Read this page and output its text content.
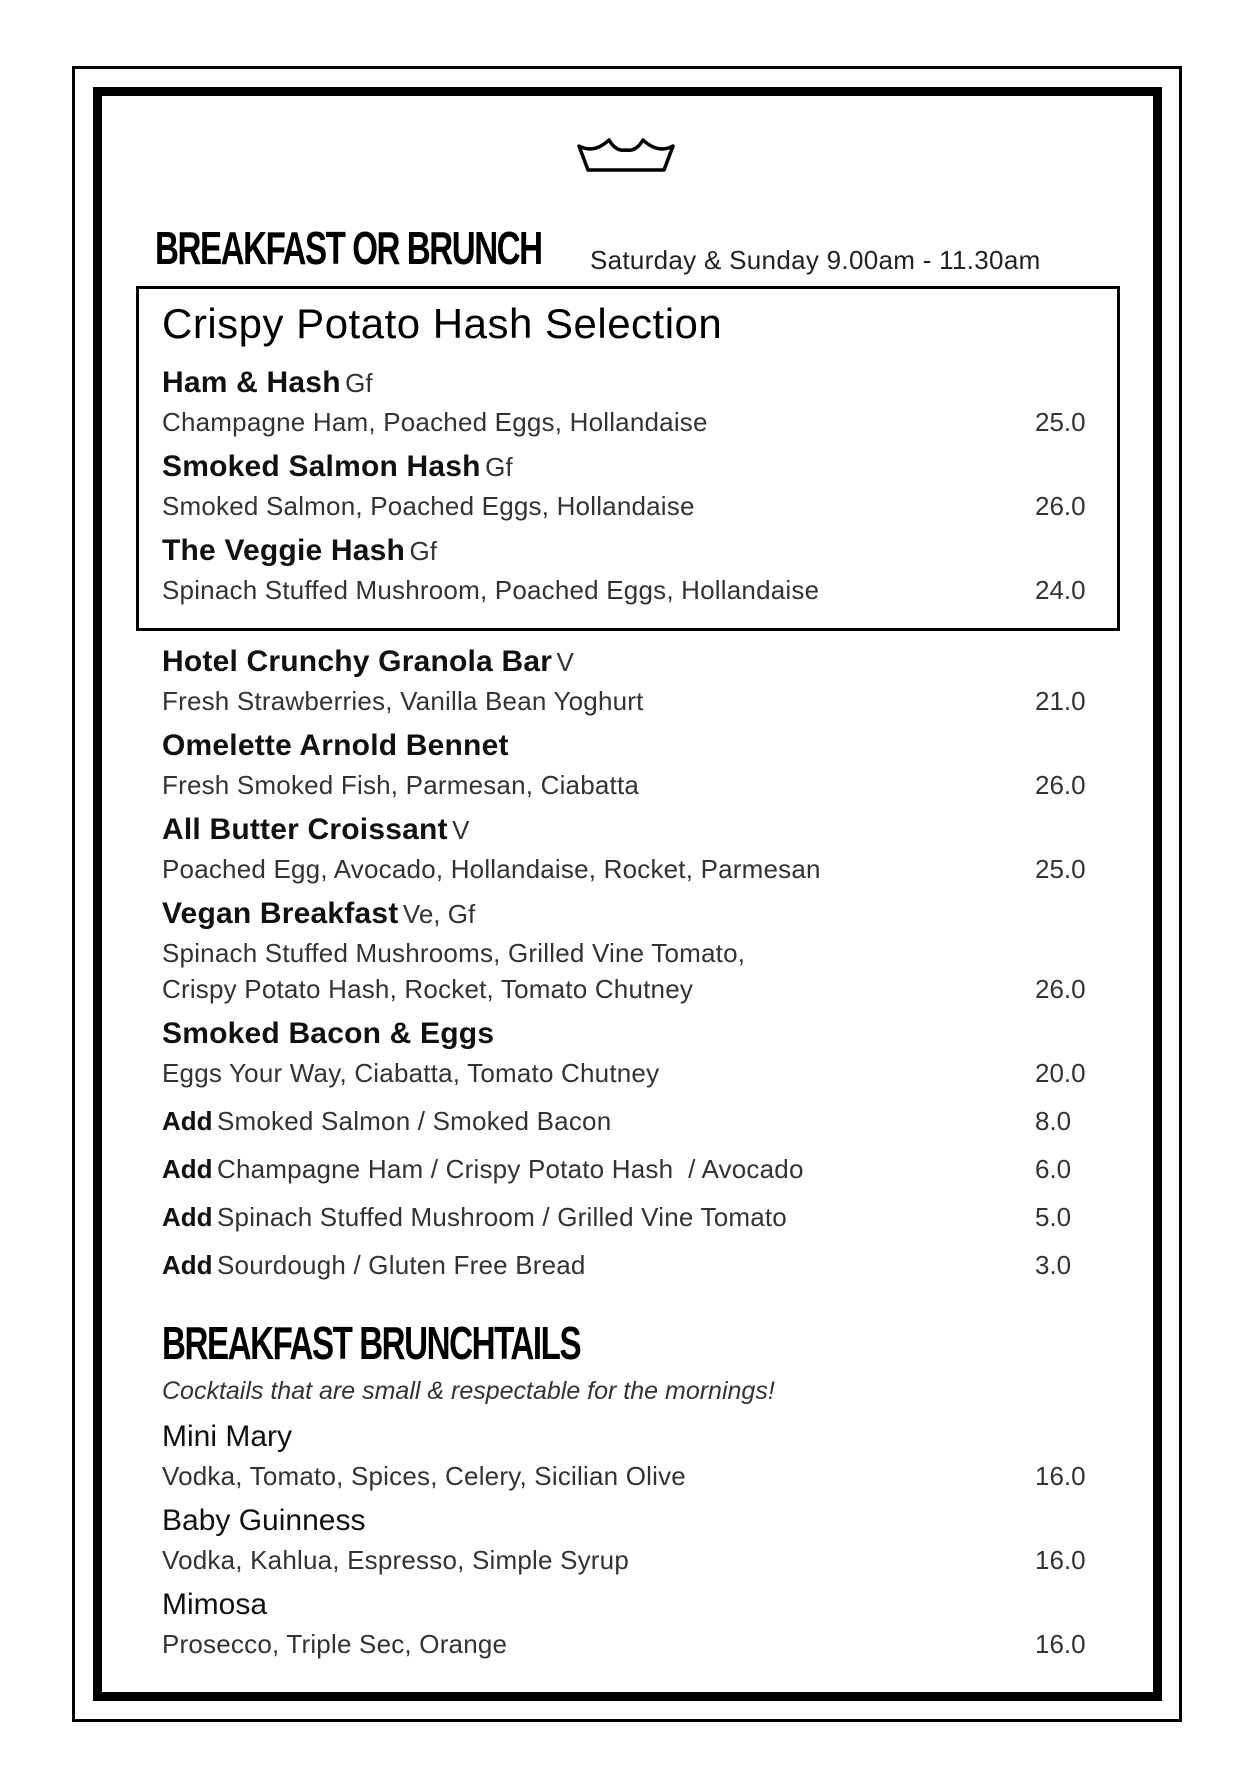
BREAKFAST OR BRUNCH Saturday & Sunday 9.00am - 11.30am
Crispy Potato Hash Selection
Ham & Hash Gf
Champagne Ham, Poached Eggs, Hollandaise	25.0
Smoked Salmon Hash Gf
Smoked Salmon, Poached Eggs, Hollandaise	26.0
The Veggie Hash Gf
Spinach Stuffed Mushroom, Poached Eggs, Hollandaise	24.0
Hotel Crunchy Granola Bar V
Fresh Strawberries, Vanilla Bean Yoghurt	21.0
Omelette Arnold Bennet
Fresh Smoked Fish, Parmesan, Ciabatta	26.0
All Butter Croissant V
Poached Egg, Avocado, Hollandaise, Rocket, Parmesan	25.0
Vegan Breakfast Ve, Gf
Spinach Stuffed Mushrooms, Grilled Vine Tomato,
Crispy Potato Hash, Rocket, Tomato Chutney	26.0
Smoked Bacon & Eggs
Eggs Your Way, Ciabatta, Tomato Chutney	20.0
Add Smoked Salmon / Smoked Bacon	8.0
Add Champagne Ham / Crispy Potato Hash  / Avocado	6.0
Add Spinach Stuffed Mushroom / Grilled Vine Tomato	5.0
Add Sourdough / Gluten Free Bread	3.0
BREAKFAST BRUNCHTAILS
Cocktails that are small & respectable for the mornings!
Mini Mary
Vodka, Tomato, Spices, Celery, Sicilian Olive	16.0
Baby Guinness
Vodka, Kahlua, Espresso, Simple Syrup	16.0
Mimosa
Prosecco, Triple Sec, Orange	16.0
